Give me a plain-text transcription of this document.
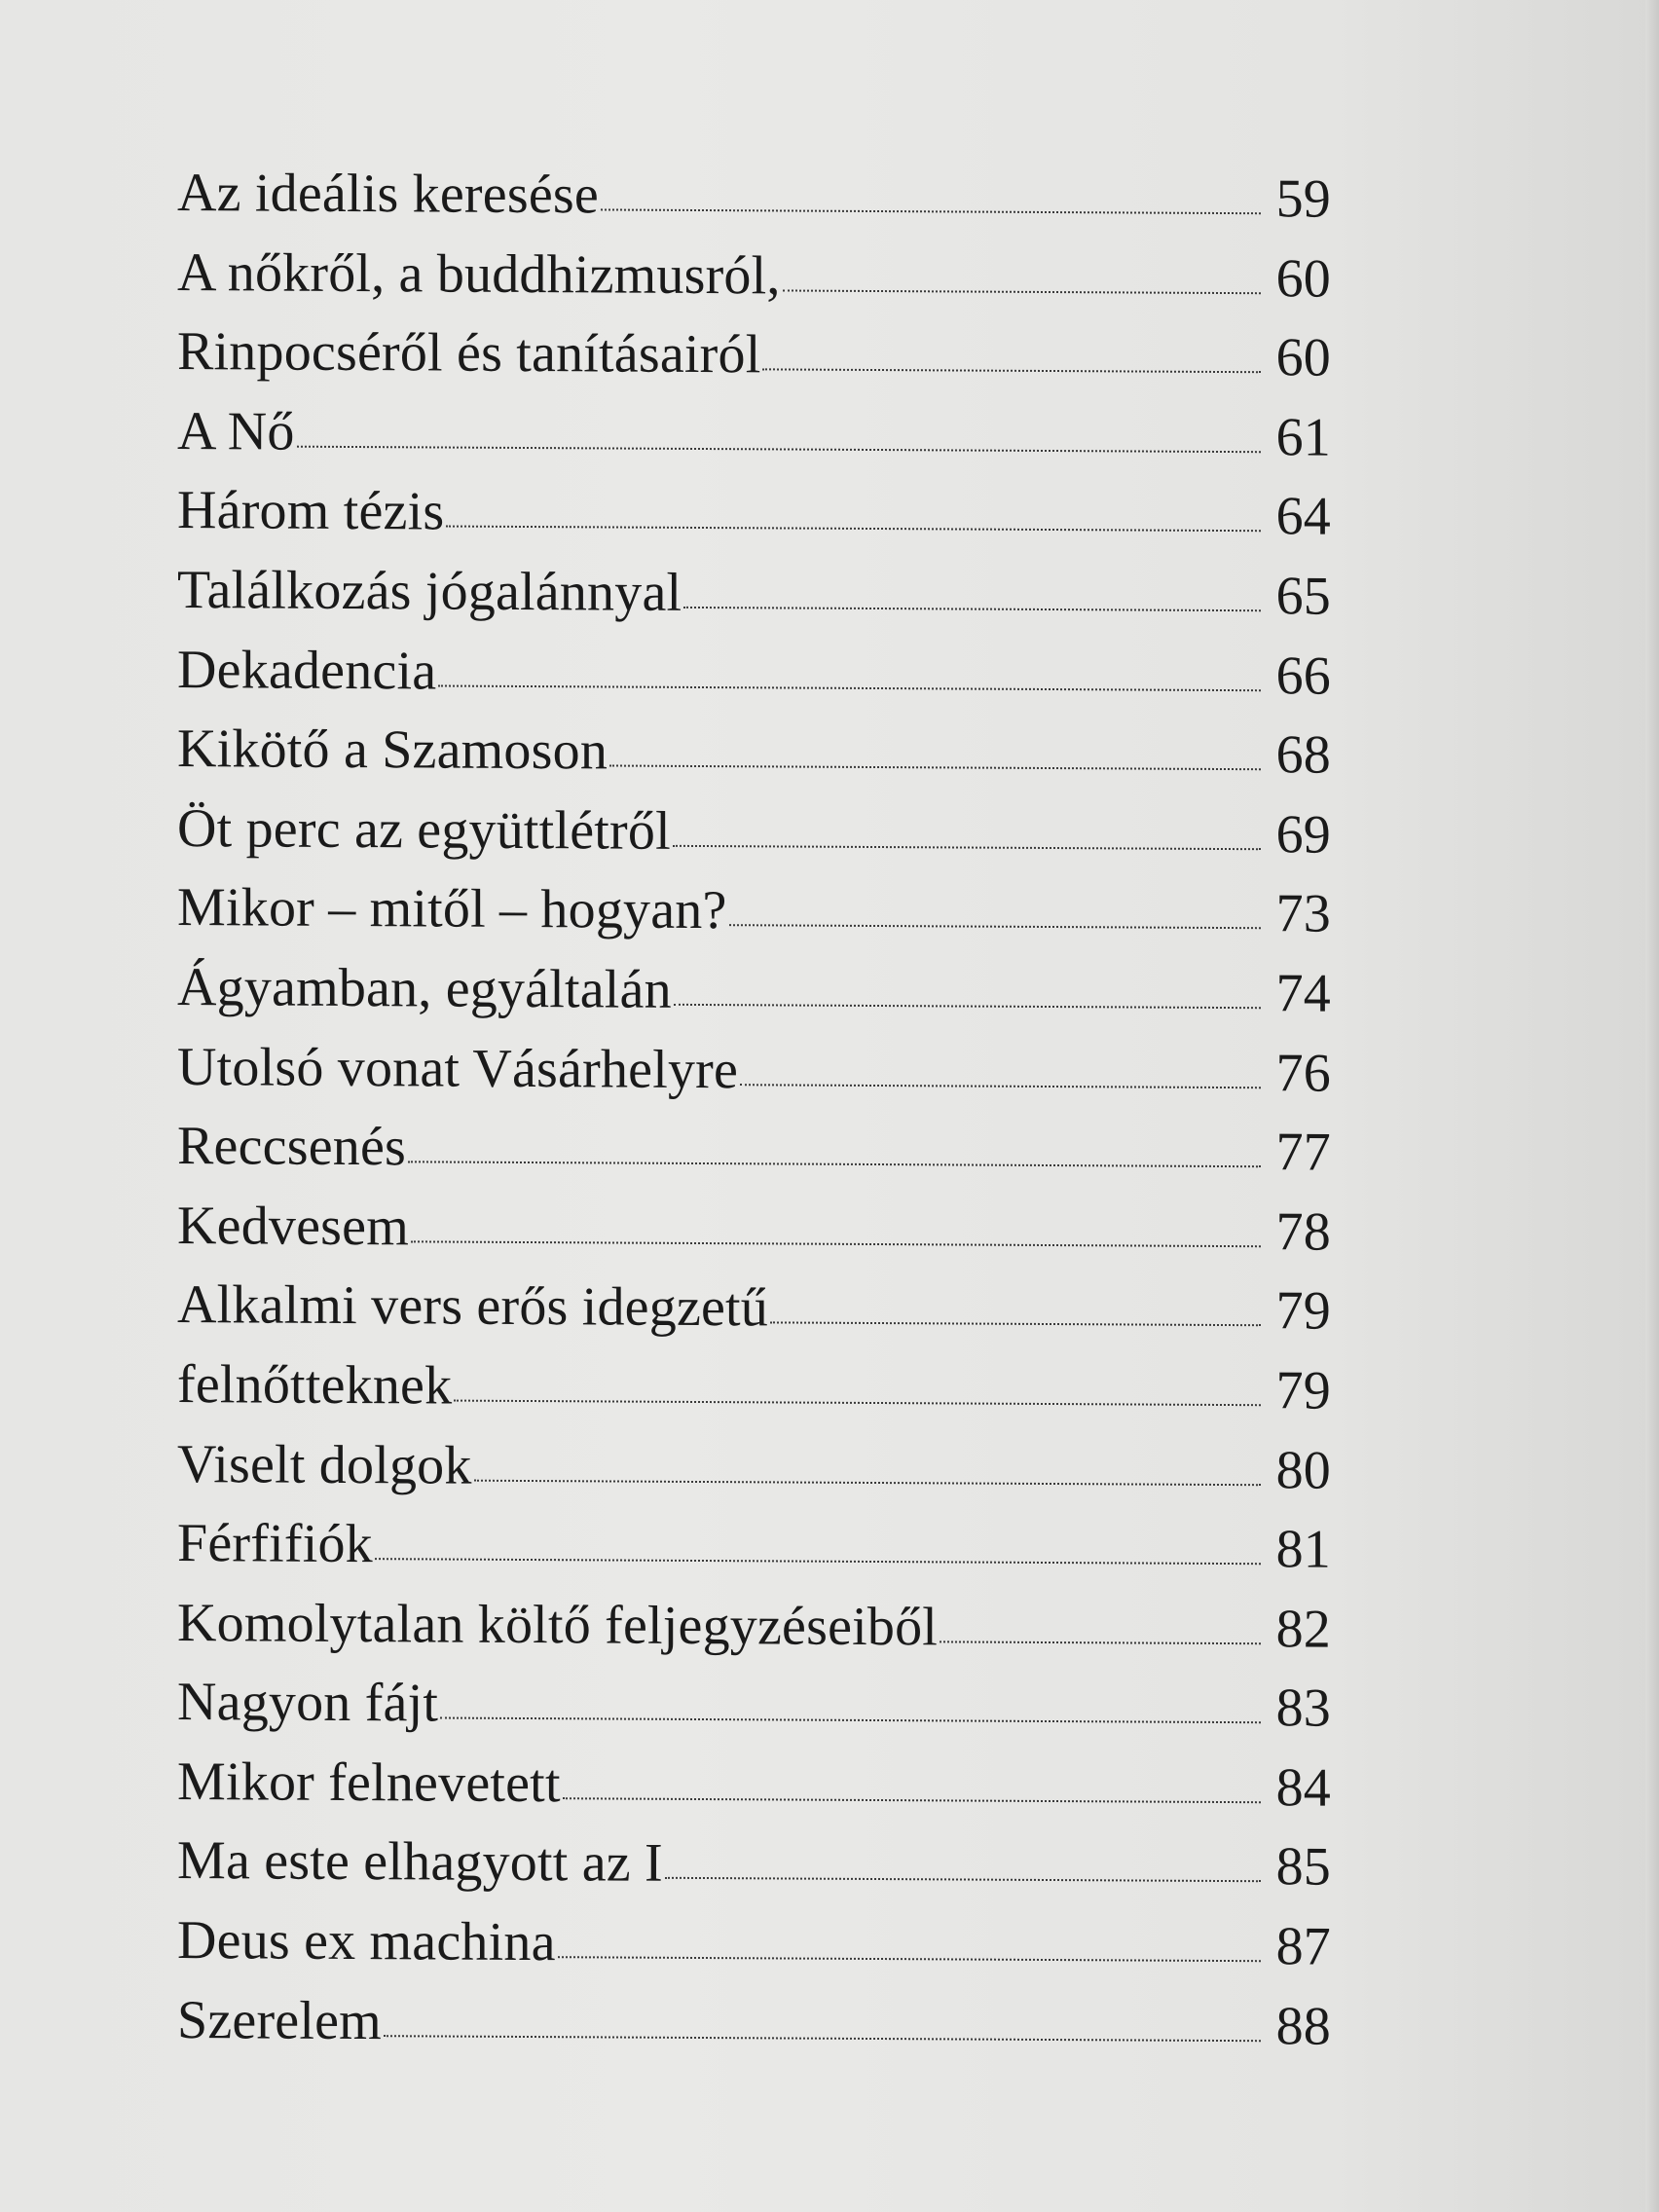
Az ideális keresése	59
A nőkről, a buddhizmusról,	60
Rinpocséről és tanításairól	60
A Nő	61
Három tézis	64
Találkozás jógalánnyal	65
Dekadencia	66
Kikötő a Szamoson	68
Öt perc az együttlétről	69
Mikor – mitől – hogyan?	73
Ágyamban, egyáltalán	74
Utolsó vonat Vásárhelyre	76
Reccsenés	77
Kedvesem	78
Alkalmi vers erős idegzetű	79
felnőtteknek	79
Viselt dolgok	80
Férfifiók	81
Komolytalan költő feljegyzéseiből	82
Nagyon fájt	83
Mikor felnevetett	84
Ma este elhagyott az I	85
Deus ex machina	87
Szerelem	88
